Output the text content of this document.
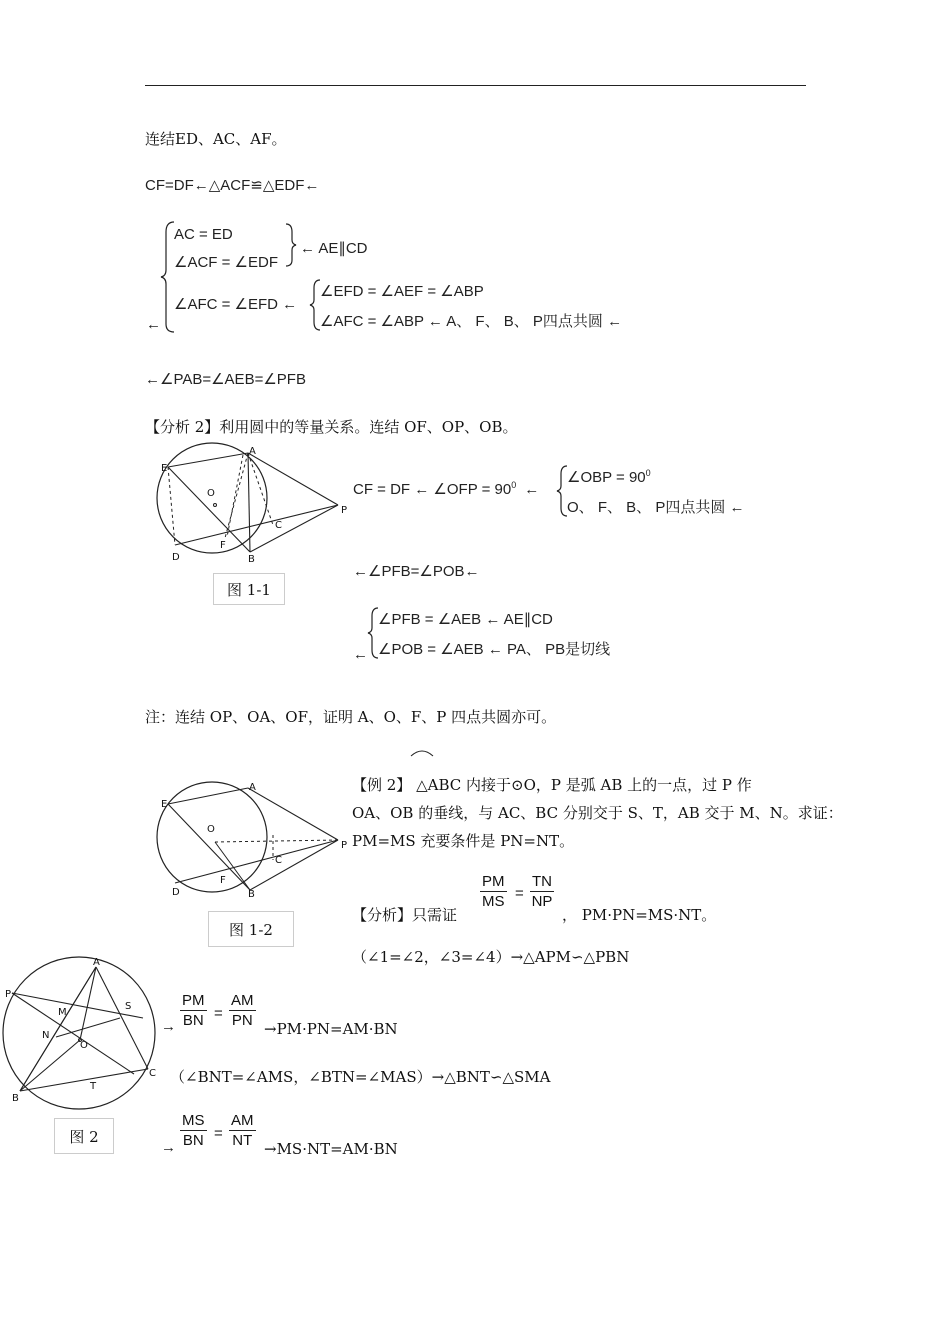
连结ED、AC、AF。
CF=DF←△ACF≌△EDF←
AC = ED
∠ACF = ∠EDF
← AE∥CD
∠AFC = ∠EFD ←
∠EFD = ∠AEF = ∠ABP
∠AFC = ∠ABP ← A、 F、 B、 P四点共圆 ←
←
←∠PAB=∠AEB=∠PFB
【分析 2】利用圆中的等量关系。连结 OF、OP、OB。
E
A
O
P
C
F
D	B
图 1-1
CF = DF ← ∠OFP = $90^0$ ←
∠OBP = $90^0$
O、 F、 B、 P四点共圆 ←
←∠PFB=∠POB←
∠PFB = ∠AEB ← AE∥CD
∠POB = ∠AEB ← PA、 PB是切线
←
注：连结 OP、OA、OF，证明 A、O、F、P 四点共圆亦可。
E
A
O
P
C
F
D	B
图 1-2
【例 2】 △ABC 内接于⊙O，P 是弧 AB 上的一点，过 P 作
OA、OB 的垂线，与 AC、BC 分别交于 S、T，AB 交于 M、N。求证：
PM=MS 充要条件是 PN=NT。
【分析】只需证
$\frac{PM}{MS} = \frac{TN}{NP}$
， PM·PN=MS·NT。
（∠1=∠2，∠3=∠4）→△APM∽△PBN
A
P
M
S
N
O
C
T
B
图 2
→ $\frac{PM}{BN} = \frac{AM}{PN} \to PM\cdot PN=AM\cdot BN$
（∠BNT=∠AMS，∠BTN=∠MAS）→△BNT∽△SMA
→ $\frac{MS}{BN} = \frac{AM}{NT} \to MS\cdot NT=AM\cdot BN$
